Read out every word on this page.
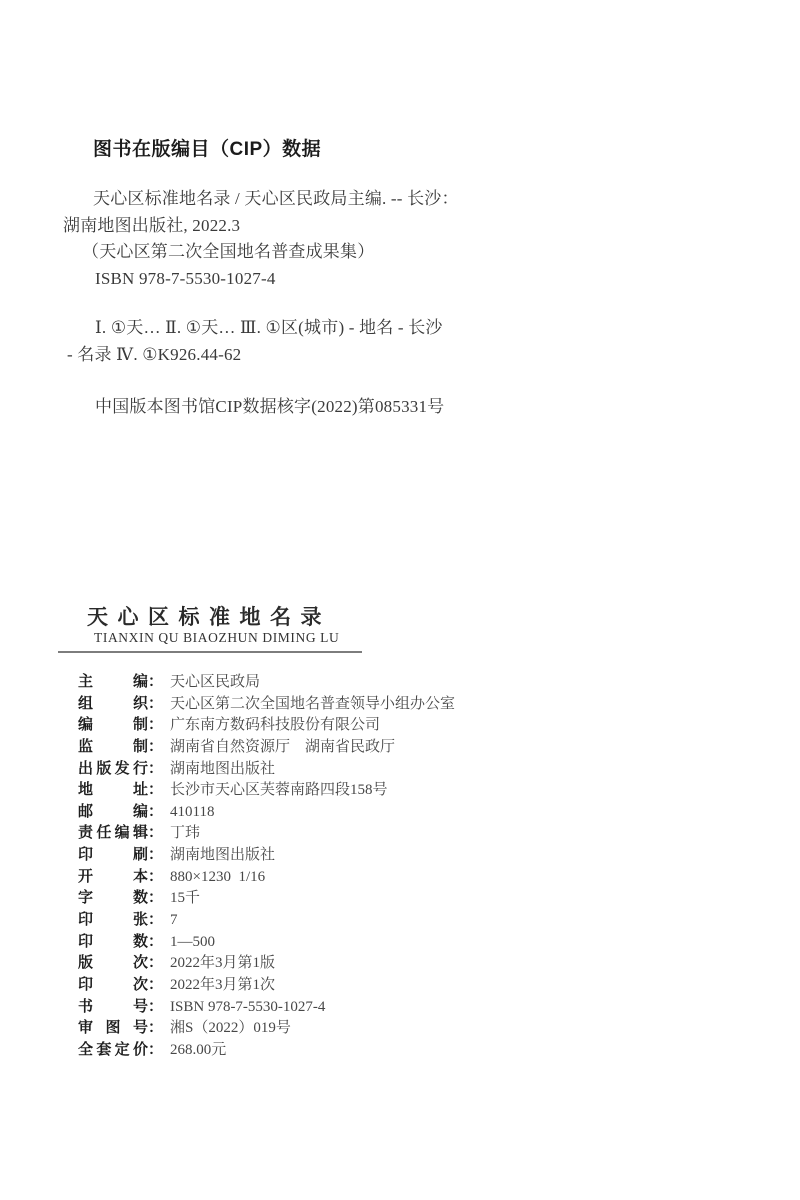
图书在版编目（CIP）数据
天心区标准地名录 / 天心区民政局主编. -- 长沙：
湖南地图出版社, 2022.3
（天心区第二次全国地名普查成果集）
ISBN 978-7-5530-1027-4
Ⅰ. ①天… Ⅱ. ①天… Ⅲ. ①区(城市) - 地名 - 长沙
- 名录 Ⅳ. ①K926.44-62
中国版本图书馆CIP数据核字(2022)第085331号
天心区标准地名录
TIANXIN QU BIAOZHUN DIMING LU
主	编 ： 天心区民政局
组	织 ： 天心区第二次全国地名普查领导小组办公室
编	制 ： 广东南方数码科技股份有限公司
监	制 ： 湖南省自然资源厅　湖南省民政厅
出 版 发 行 ： 湖南地图出版社
地	址 ： 长沙市天心区芙蓉南路四段158号
邮	编 ： 410118
责 任 编 辑 ： 丁玮
印	刷 ： 湖南地图出版社
开	本 ： 880×1230  1/16
字	数 ： 15千
印	张 ： 7
印	数 ： 1—500
版	次 ： 2022年3月第1版
印	次 ： 2022年3月第1次
书	号 ： ISBN 978-7-5530-1027-4
审 图 号 ： 湘S（2022）019号
全 套 定 价 ： 268.00元
